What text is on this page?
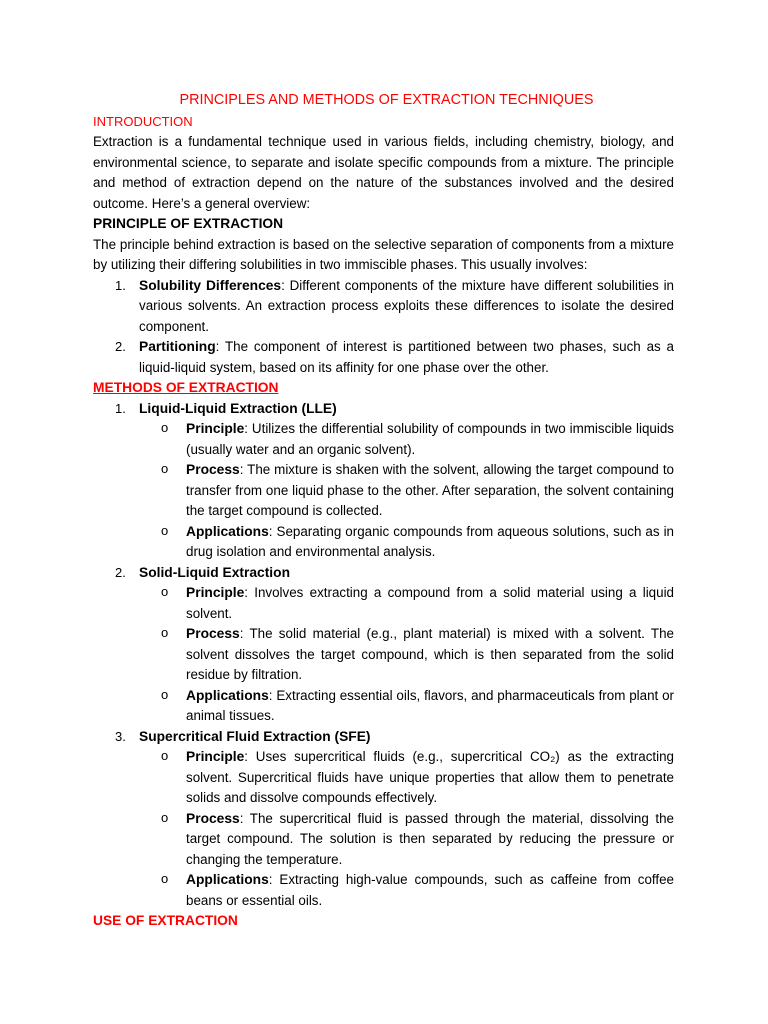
PRINCIPLES AND METHODS OF EXTRACTION TECHNIQUES
INTRODUCTION

Extraction is a fundamental technique used in various fields, including chemistry, biology, and environmental science, to separate and isolate specific compounds from a mixture. The principle and method of extraction depend on the nature of the substances involved and the desired outcome. Here’s a general overview:

PRINCIPLE OF EXTRACTION

The principle behind extraction is based on the selective separation of components from a mixture by utilizing their differing solubilities in two immiscible phases. This usually involves:

1. Solubility Differences: Different components of the mixture have different solubilities in various solvents. An extraction process exploits these differences to isolate the desired component.
2. Partitioning: The component of interest is partitioned between two phases, such as a liquid-liquid system, based on its affinity for one phase over the other.
METHODS OF EXTRACTION
1. Liquid-Liquid Extraction (LLE)
o	Principle: Utilizes the differential solubility of compounds in two immiscible liquids (usually water and an organic solvent).
o	Process: The mixture is shaken with the solvent, allowing the target compound to transfer from one liquid phase to the other. After separation, the solvent containing the target compound is collected.
o	Applications: Separating organic compounds from aqueous solutions, such as in drug isolation and environmental analysis.
2. Solid-Liquid Extraction
o	Principle: Involves extracting a compound from a solid material using a liquid solvent.
o	Process: The solid material (e.g., plant material) is mixed with a solvent. The solvent dissolves the target compound, which is then separated from the solid residue by filtration.
o	Applications: Extracting essential oils, flavors, and pharmaceuticals from plant or animal tissues.
3. Supercritical Fluid Extraction (SFE)
o	Principle: Uses supercritical fluids (e.g., supercritical CO₂) as the extracting solvent. Supercritical fluids have unique properties that allow them to penetrate solids and dissolve compounds effectively.
o	Process: The supercritical fluid is passed through the material, dissolving the target compound. The solution is then separated by reducing the pressure or changing the temperature.
o	Applications: Extracting high-value compounds, such as caffeine from coffee beans or essential oils.
USE OF EXTRACTION
